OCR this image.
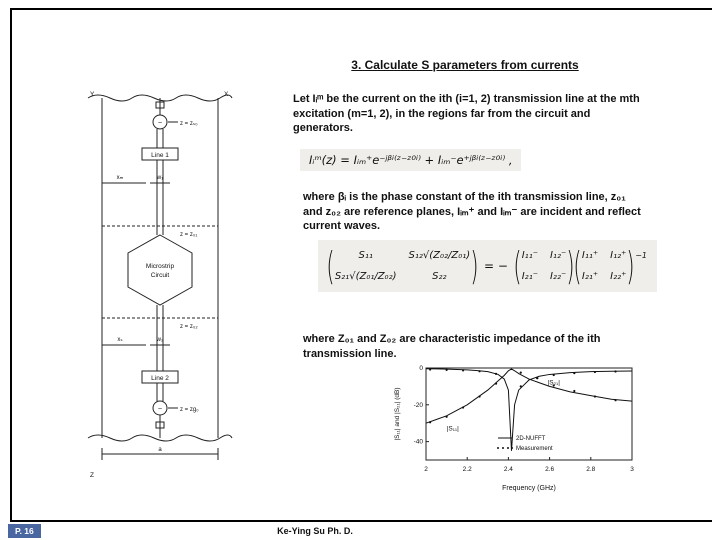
3. Calculate S parameters from currents
Let Iᵢᵐ be the current on the ith (i=1, 2) transmission line at the mth excitation (m=1, 2), in the regions far from the circuit and generators.
Iᵢᵐ(z) = Iᵢₘ⁺e⁻ʲᵝⁱ⁽ᶻ⁻ᶻ⁰ⁱ⁾ + Iᵢₘ⁻e⁺ʲᵝⁱ⁽ᶻ⁻ᶻ⁰ⁱ⁾ ,
where βᵢ is the phase constant of the ith transmission line, z₀₁ and z₀₂ are reference planes, Iᵢₘ⁺ and Iᵢₘ⁻ are incident and reflect current waves.
( S₁₁	S₁₂√(Z₀₂/Z₀₁)
S₂₁√(Z₀₁/Z₀₂)	S₂₂ ) = − ( I₁₁⁻ I₁₂⁻
I₂₁⁻ I₂₂⁻ )
( I₁₁⁺ I₁₂⁺
I₂₁⁺ I₂₂⁺ ) −1
where Z₀₁ and Z₀₂ are characteristic impedance of the ith transmission line.
Y	X
Z
~	z = zₛ₀
Line 1
xₘ	w₁
z = z₀₁
Microstrip
Circuit
z = z₀₂
xₛ	w₂
Line 2
~	z = zg₀
a
2	2.2	2.4	2.6	2.8	3
0
-20
-40
Frequency (GHz)
|S₁₁| and |S₂₁| (dB)	2D-NUFFT
Measurement
|S₁₁|
|S₂₁|
P. 16	Ke-Ying Su Ph. D.
